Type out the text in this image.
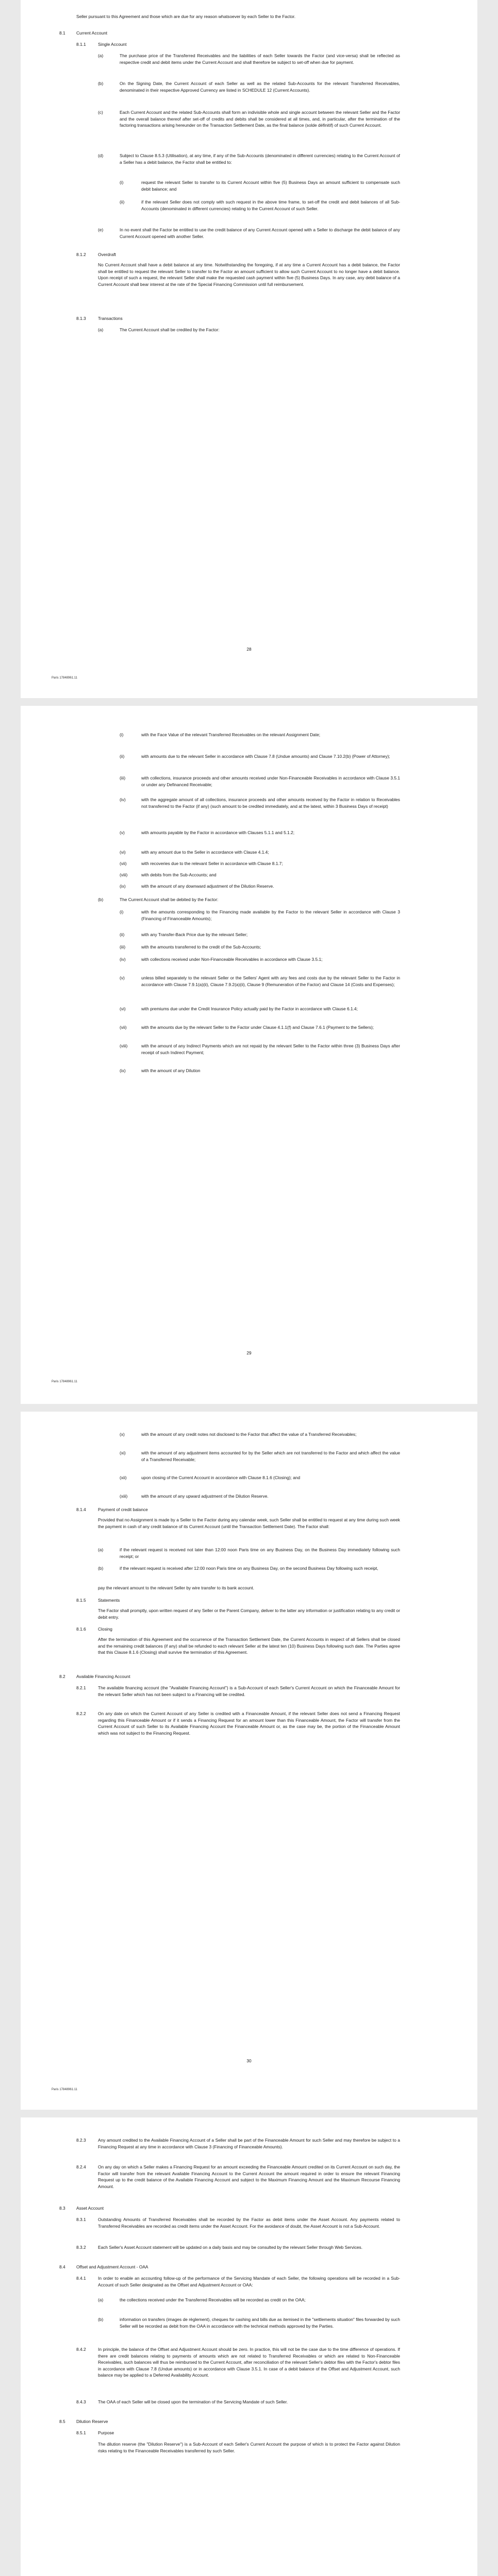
Seller pursuant to this Agreement and those which are due for any reason whatsoever by each Seller to the Factor.

8.1	Current Account
8.1.1	Single Account
(a)	The purchase price of the Transferred Receivables and the liabilities of each Seller towards the Factor (and vice-versa) shall be reflected as respective credit and debit items under the Current Account and shall therefore be subject to set-off when due for payment.

(b)	On the Signing Date, the Current Account of each Seller as well as the related Sub-Accounts for the relevant Transferred Receivables, denominated in their respective Approved Currency are listed in SCHEDULE 12 (Current Accounts).

(c)	Each Current Account and the related Sub-Accounts shall form an indivisible whole and single account between the relevant Seller and the Factor and the overall balance thereof after set-off of credits and debits shall be considered at all times, and, in particular, after the termination of the factoring transactions arising hereunder on the Transaction Settlement Date, as the final balance (solde définitif) of such Current Account.

(d)	Subject to Clause 8.5.3 (Utilisation), at any time, if any of the Sub-Accounts (denominated in different currencies) relating to the Current Account of a Seller has a debit balance, the Factor shall be entitled to:

(i)	request the relevant Seller to transfer to its Current Account within five (5) Business Days an amount sufficient to compensate such debit balance; and

(ii)	if the relevant Seller does not comply with such request in the above time frame, to set-off the credit and debit balances of all Sub-Accounts (denominated in different currencies) relating to the Current Account of such Seller.

(e)	In no event shall the Factor be entitled to use the credit balance of any Current Account opened with a Seller to discharge the debit balance of any Current Account opened with another Seller.

8.1.2	Overdraft

No Current Account shall have a debit balance at any time. Notwithstanding the foregoing, if at any time a Current Account has a debit balance, the Factor shall be entitled to request the relevant Seller to transfer to the Factor an amount sufficient to allow such Current Account to no longer have a debit balance. Upon receipt of such a request, the relevant Seller shall make the requested cash payment within five (5) Business Days. In any case, any debit balance of a Current Account shall bear interest at the rate of the Special Financing Commission until full reimbursement.

8.1.3	Transactions
(a)	The Current Account shall be credited by the Factor:

28
Paris 17848961.11
(i)	with the Face Value of the relevant Transferred Receivables on the relevant Assignment Date;

(ii)	with amounts due to the relevant Seller in accordance with Clause 7.8 (Undue amounts) and Clause 7.10.2(b) (Power of Attorney);

(iii)	with collections, insurance proceeds and other amounts received under Non-Financeable Receivables in accordance with Clause 3.5.1 or under any Definanced Receivable;

(iv)	with the aggregate amount of all collections, insurance proceeds and other amounts received by the Factor in relation to Receivables not transferred to the Factor (if any) (such amount to be credited immediately, and at the latest, within 3 Business Days of receipt)

(v)	with amounts payable by the Factor in accordance with Clauses 5.1.1 and 5.1.2;

(vi)	with any amount due to the Seller in accordance with Clause 4.1.4;

(vii)	with recoveries due to the relevant Seller in accordance with Clause 8.1.7;

(viii)	with debits from the Sub-Accounts; and

(ix)	with the amount of any downward adjustment of the Dilution Reserve.

(b)	The Current Account shall be debited by the Factor:

(i)	with the amounts corresponding to the Financing made available by the Factor to the relevant Seller in accordance with Clause 3 (Financing of Financeable Amounts);

(ii)	with any Transfer-Back Price due by the relevant Seller;

(iii)	with the amounts transferred to the credit of the Sub-Accounts;

(iv)	with collections received under Non-Financeable Receivables in accordance with Clause 3.5.1;

(v)	unless billed separately to the relevant Seller or the Sellers' Agent with any fees and costs due by the relevant Seller to the Factor in accordance with Clause 7.9.1(a)(ii), Clause 7.9.2(a)(ii), Clause 9 (Remuneration of the Factor) and Clause 14 (Costs and Expenses);

(vi)	with premiums due under the Credit Insurance Policy actually paid by the Factor in accordance with Clause 6.1.4;

(vii)	with the amounts due by the relevant Seller to the Factor under Clause 4.1.1(f) and Clause 7.6.1 (Payment to the Sellers);

(viii)	with the amount of any Indirect Payments which are not repaid by the relevant Seller to the Factor within three (3) Business Days after receipt of such Indirect Payment;

(ix)	with the amount of any Dilution

29
Paris 17848961.11
(x)	with the amount of any credit notes not disclosed to the Factor that affect the value of a Transferred Receivables;

(xi)	with the amount of any adjustment items accounted for by the Seller which are not transferred to the Factor and which affect the value of a Transferred Receivable;

(xii)	upon closing of the Current Account in accordance with Clause 8.1.6 (Closing); and

(xiii)	with the amount of any upward adjustment of the Dilution Reserve.

8.1.4	Payment of credit balance

Provided that no Assignment is made by a Seller to the Factor during any calendar week, such Seller shall be entitled to request at any time during such week the payment in cash of any credit balance of its Current Account (until the Transaction Settlement Date). The Factor shall:

(a)	if the relevant request is received not later than 12:00 noon Paris time on any Business Day, on the Business Day immediately following such receipt; or

(b)	if the relevant request is received after 12:00 noon Paris time on any Business Day, on the second Business Day following such receipt,

pay the relevant amount to the relevant Seller by wire transfer to its bank account.

8.1.5	Statements

The Factor shall promptly, upon written request of any Seller or the Parent Company, deliver to the latter any information or justification relating to any credit or debit entry.

8.1.6	Closing

After the termination of this Agreement and the occurrence of the Transaction Settlement Date, the Current Accounts in respect of all Sellers shall be closed and the remaining credit balances (if any) shall be refunded to each relevant Seller at the latest ten (10) Business Days following such date. The Parties agree that this Clause 8.1.6 (Closing) shall survive the termination of this Agreement.

8.2	Available Financing Account
8.2.1	The available financing account (the "Available Financing Account") is a Sub-Account of each Seller's Current Account on which the Financeable Amount for the relevant Seller which has not been subject to a Financing will be credited.

8.2.2	On any date on which the Current Account of any Seller is credited with a Financeable Amount, if the relevant Seller does not send a Financing Request regarding this Financeable Amount or if it sends a Financing Request for an amount lower than this Financeable Amount, the Factor will transfer from the Current Account of such Seller to its Available Financing Account the Financeable Amount or, as the case may be, the portion of the Financeable Amount which was not subject to the Financing Request.

30
Paris 17848961.11
8.2.3	Any amount credited to the Available Financing Account of a Seller shall be part of the Financeable Amount for such Seller and may therefore be subject to a Financing Request at any time in accordance with Clause 3 (Financing of Financeable Amounts).

8.2.4	On any day on which a Seller makes a Financing Request for an amount exceeding the Financeable Amount credited on its Current Account on such day, the Factor will transfer from the relevant Available Financing Account to the Current Account the amount required in order to ensure the relevant Financing Request up to the credit balance of the Available Financing Account and subject to the Maximum Financing Amount and the Maximum Recourse Financing Amount.

8.3	Asset Account
8.3.1	Outstanding Amounts of Transferred Receivables shall be recorded by the Factor as debit items under the Asset Account. Any payments related to Transferred Receivables are recorded as credit items under the Asset Account. For the avoidance of doubt, the Asset Account is not a Sub-Account.

8.3.2	Each Seller's Asset Account statement will be updated on a daily basis and may be consulted by the relevant Seller through Web Services.

8.4	Offset and Adjustment Account - OAA
8.4.1	In order to enable an accounting follow-up of the performance of the Servicing Mandate of each Seller, the following operations will be recorded in a Sub-Account of such Seller designated as the Offset and Adjustment Account or OAA:

(a)	the collections received under the Transferred Receivables will be recorded as credit on the OAA;

(b)	information on transfers (images de règlement), cheques for cashing and bills due as itemised in the "settlements situation" files forwarded by such Seller will be recorded as debit from the OAA in accordance with the technical methods approved by the Parties.

8.4.2	In principle, the balance of the Offset and Adjustment Account should be zero. In practice, this will not be the case due to the time difference of operations. If there are credit balances relating to payments of amounts which are not related to Transferred Receivables or which are related to Non-Financeable Receivables, such balances will thus be reimbursed to the Current Account, after reconciliation of the relevant Seller's debtor files with the Factor's debtor files in accordance with Clause 7.8 (Undue amounts) or in accordance with Clause 3.5.1. In case of a debit balance of the Offset and Adjustment Account, such balance may be applied to a Deferred Availability Account.

8.4.3	The OAA of each Seller will be closed upon the termination of the Servicing Mandate of such Seller.

8.5	Dilution Reserve
8.5.1	Purpose

The dilution reserve (the "Dilution Reserve") is a Sub-Account of each Seller's Current Account the purpose of which is to protect the Factor against Dilution risks relating to the Financeable Receivables transferred by such Seller.
